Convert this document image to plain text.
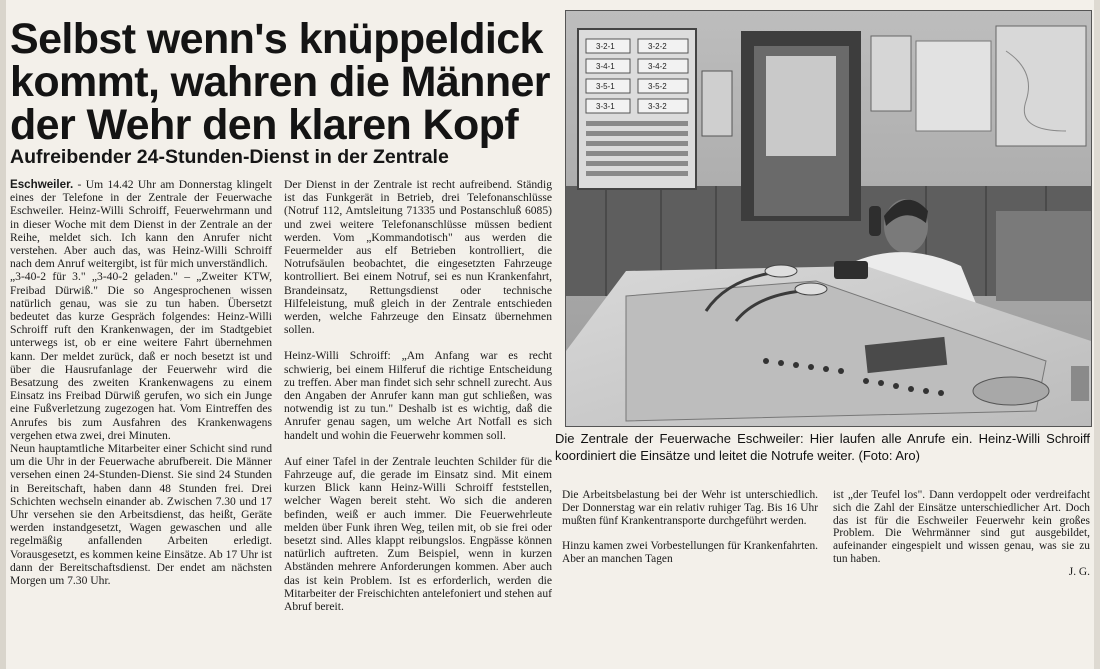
Selbst wenn's knüppeldick
kommt, wahren die Männer
der Wehr den klaren Kopf
Aufreibender 24-Stunden-Dienst in der Zentrale

Eschweiler. - Um 14.42 Uhr am Donnerstag klingelt eines der Telefone in der Zentrale der Feuerwache Eschweiler. Heinz-Willi Schroiff, Feuerwehrmann und in dieser Woche mit dem Dienst in der Zentrale an der Reihe, meldet sich. Ich kann den Anrufer nicht verstehen. Aber auch das, was Heinz-Willi Schroiff nach dem Anruf weitergibt, ist für mich unverständlich.

„3-40-2 für 3." „3-40-2 geladen." – „Zweiter KTW, Freibad Dürwiß." Die so Angesprochenen wissen natürlich genau, was sie zu tun haben. Übersetzt bedeutet das kurze Gespräch folgendes: Heinz-Willi Schroiff ruft den Krankenwagen, der im Stadtgebiet unterwegs ist, ob er eine weitere Fahrt übernehmen kann. Der meldet zurück, daß er noch besetzt ist und über die Hausrufanlage der Feuerwehr wird die Besatzung des zweiten Krankenwagens zu einem Einsatz ins Freibad Dürwiß gerufen, wo sich ein Junge eine Fußverletzung zugezogen hat. Vom Eintreffen des Anrufes bis zum Ausfahren des Krankenwagens vergehen etwa zwei, drei Minuten.

Neun hauptamtliche Mitarbeiter einer Schicht sind rund um die Uhr in der Feuerwache abrufbereit. Die Männer versehen einen 24-Stunden-Dienst. Sie sind 24 Stunden in Bereitschaft, haben dann 48 Stunden frei. Drei Schichten wechseln einander ab. Zwischen 7.30 und 17 Uhr versehen sie den Arbeitsdienst, das heißt, Geräte werden instandgesetzt, Wagen gewaschen und alle regelmäßig anfallenden Arbeiten erledigt. Vorausgesetzt, es kommen keine Einsätze. Ab 17 Uhr ist dann der Bereitschaftsdienst. Der endet am nächsten Morgen um 7.30 Uhr.

Der Dienst in der Zentrale ist recht aufreibend. Ständig ist das Funkgerät in Betrieb, drei Telefonanschlüsse (Notruf 112, Amtsleitung 71335 und Postanschluß 6085) und zwei weitere Telefonanschlüsse müssen bedient werden. Vom „Kommandotisch" aus werden die Feuermelder aus elf Betrieben kontrolliert, die Notrufsäulen beobachtet, die eingesetzten Fahrzeuge kontrolliert. Bei einem Notruf, sei es nun Krankenfahrt, Brandeinsatz, Rettungsdienst oder technische Hilfeleistung, muß gleich in der Zentrale entschieden werden, welche Fahrzeuge den Einsatz übernehmen sollen.

Heinz-Willi Schroiff: „Am Anfang war es recht schwierig, bei einem Hilferuf die richtige Entscheidung zu treffen. Aber man findet sich sehr schnell zurecht. Aus den Angaben der Anrufer kann man gut schließen, was notwendig ist zu tun." Deshalb ist es wichtig, daß die Anrufer genau sagen, um welche Art Notfall es sich handelt und wohin die Feuerwehr kommen soll.

Auf einer Tafel in der Zentrale leuchten Schilder für die Fahrzeuge auf, die gerade im Einsatz sind. Mit einem kurzen Blick kann Heinz-Willi Schroiff feststellen, welcher Wagen bereit steht. Wo sich die anderen befinden, weiß er auch immer. Die Feuerwehrleute melden über Funk ihren Weg, teilen mit, ob sie frei oder besetzt sind. Alles klappt reibungslos. Engpässe können natürlich auftreten. Zum Beispiel, wenn in kurzen Abständen mehrere Anforderungen kommen. Aber auch das ist kein Problem. Ist es erforderlich, werden die Mitarbeiter der Freischichten antelefoniert und stehen auf Abruf bereit.

3-2-1	3-2-2
3-4-1	3-4-2
3-5-1	3-5-2
3-3-1	3-3-2
Die Zentrale der Feuerwache Eschweiler: Hier laufen alle Anrufe ein. Heinz-Willi Schroiff koordiniert die Einsätze und leitet die Notrufe weiter. (Foto: Aro)

Die Arbeitsbelastung bei der Wehr ist unterschiedlich. Der Donnerstag war ein relativ ruhiger Tag. Bis 16 Uhr mußten fünf Krankentransporte durchgeführt werden.

Hinzu kamen zwei Vorbestellungen für Krankenfahrten. Aber an manchen Tagen

ist „der Teufel los". Dann verdoppelt oder verdreifacht sich die Zahl der Einsätze unterschiedlicher Art. Doch das ist für die Eschweiler Feuerwehr kein großes Problem. Die Wehrmänner sind gut ausgebildet, aufeinander eingespielt und wissen genau, was sie zu tun haben.

J. G.
